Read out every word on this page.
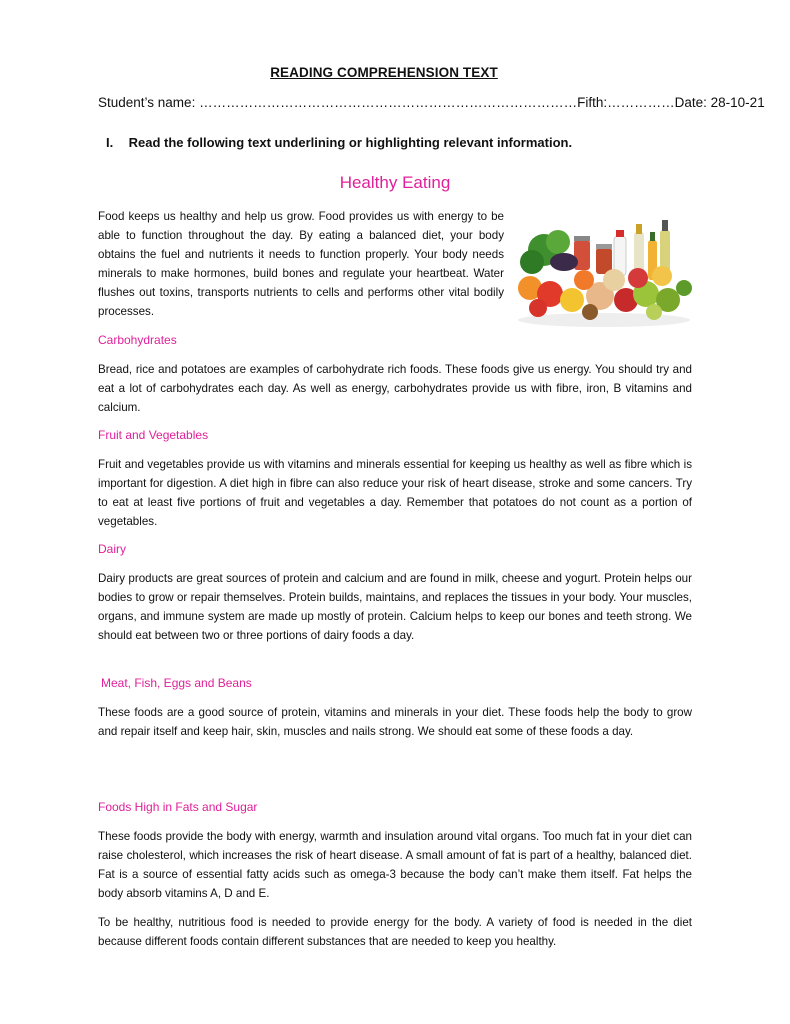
READING COMPREHENSION TEXT
Student’s name: …………………………………………………………………………Fifth:……………Date: 28-10-21
I. Read the following text underlining or highlighting relevant information.
Healthy Eating

Food keeps us healthy and help us grow. Food provides us with energy to be able to function throughout the day. By eating a balanced diet, your body obtains the fuel and nutrients it needs to function properly. Your body needs minerals to make hormones, build bones and regulate your heartbeat. Water flushes out toxins, transports nutrients to cells and performs other vital bodily processes.

Carbohydrates

Bread, rice and potatoes are examples of carbohydrate rich foods. These foods give us energy. You should try and eat a lot of carbohydrates each day. As well as energy, carbohydrates provide us with fibre, iron, B vitamins and calcium.

Fruit and Vegetables

Fruit and vegetables provide us with vitamins and minerals essential for keeping us healthy as well as fibre which is important for digestion. A diet high in fibre can also reduce your risk of heart disease, stroke and some cancers. Try to eat at least five portions of fruit and vegetables a day. Remember that potatoes do not count as a portion of vegetables.

Dairy

Dairy products are great sources of protein and calcium and are found in milk, cheese and yogurt. Protein helps our bodies to grow or repair themselves. Protein builds, maintains, and replaces the tissues in your body. Your muscles, organs, and immune system are made up mostly of protein. Calcium helps to keep our bones and teeth strong. We should eat between two or three portions of dairy foods a day.

Meat, Fish, Eggs and Beans

These foods are a good source of protein, vitamins and minerals in your diet. These foods help the body to grow and repair itself and keep hair, skin, muscles and nails strong. We should eat some of these foods a day.

Foods High in Fats and Sugar

These foods provide the body with energy, warmth and insulation around vital organs. Too much fat in your diet can raise cholesterol, which increases the risk of heart disease. A small amount of fat is part of a healthy, balanced diet. Fat is a source of essential fatty acids such as omega-3 because the body can’t make them itself. Fat helps the body absorb vitamins A, D and E.

To be healthy, nutritious food is needed to provide energy for the body. A variety of food is needed in the diet because different foods contain different substances that are needed to keep you healthy.
